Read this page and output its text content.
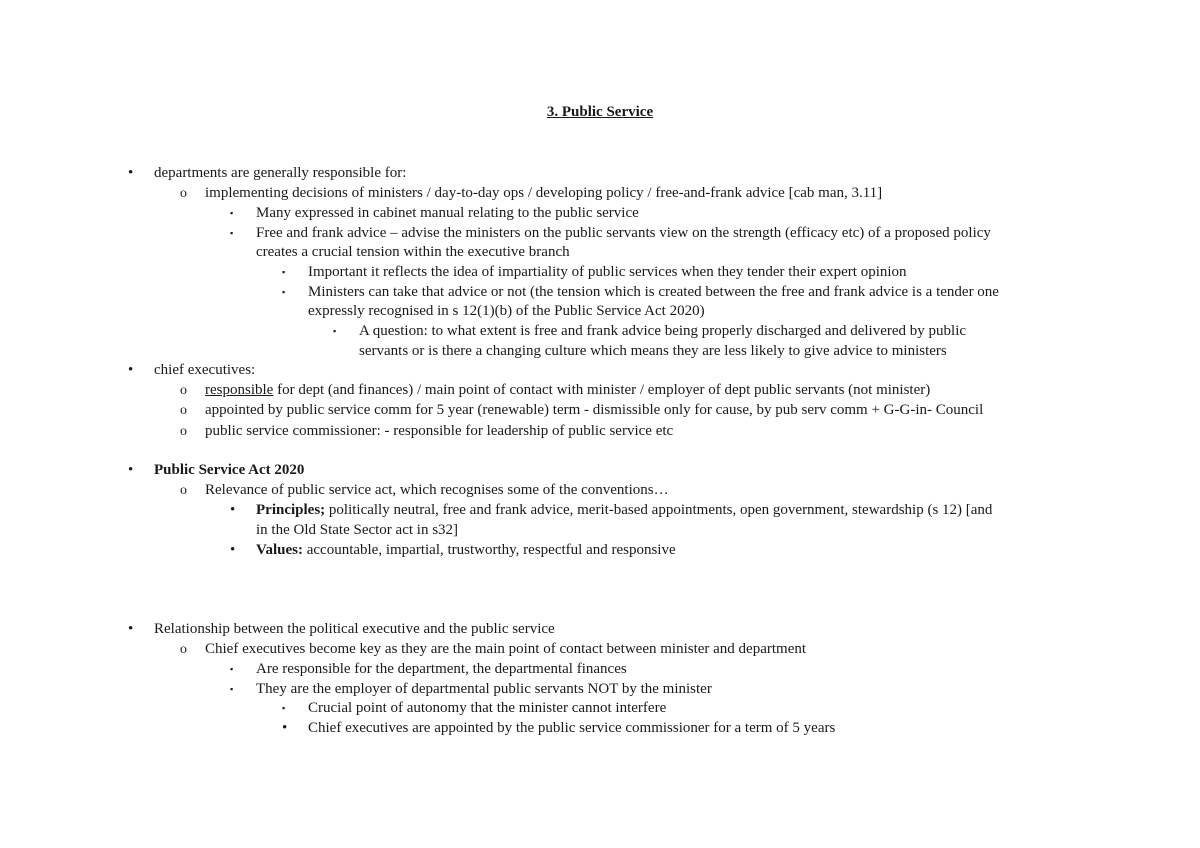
3. Public Service
• departments are generally responsible for:
o implementing decisions of ministers / day-to-day ops / developing policy / free-and-frank advice [cab man, 3.11]
▪ Many expressed in cabinet manual relating to the public service
▪ Free and frank advice – advise the ministers on the public servants view on the strength (efficacy etc) of a proposed policy
creates a crucial tension within the executive branch
▪ Important it reflects the idea of impartiality of public services when they tender their expert opinion
▪ Ministers can take that advice or not (the tension which is created between the free and frank advice is a tender one
expressly recognised in s 12(1)(b) of the Public Service Act 2020)
▪ A question: to what extent is free and frank advice being properly discharged and delivered by public
servants or is there a changing culture which means they are less likely to give advice to ministers
• chief executives:
o responsible for dept (and finances) / main point of contact with minister / employer of dept public servants (not minister)
o appointed by public service comm for 5 year (renewable) term - dismissible only for cause, by pub serv comm + G-G-in- Council
o public service commissioner: - responsible for leadership of public service etc
• Public Service Act 2020
o Relevance of public service act, which recognises some of the conventions…
• Principles; politically neutral, free and frank advice, merit-based appointments, open government, stewardship (s 12) [and
in the Old State Sector act in s32]
• Values: accountable, impartial, trustworthy, respectful and responsive
• Relationship between the political executive and the public service
o Chief executives become key as they are the main point of contact between minister and department
▪ Are responsible for the department, the departmental finances
▪ They are the employer of departmental public servants NOT by the minister
▪ Crucial point of autonomy that the minister cannot interfere
• Chief executives are appointed by the public service commissioner for a term of 5 years
